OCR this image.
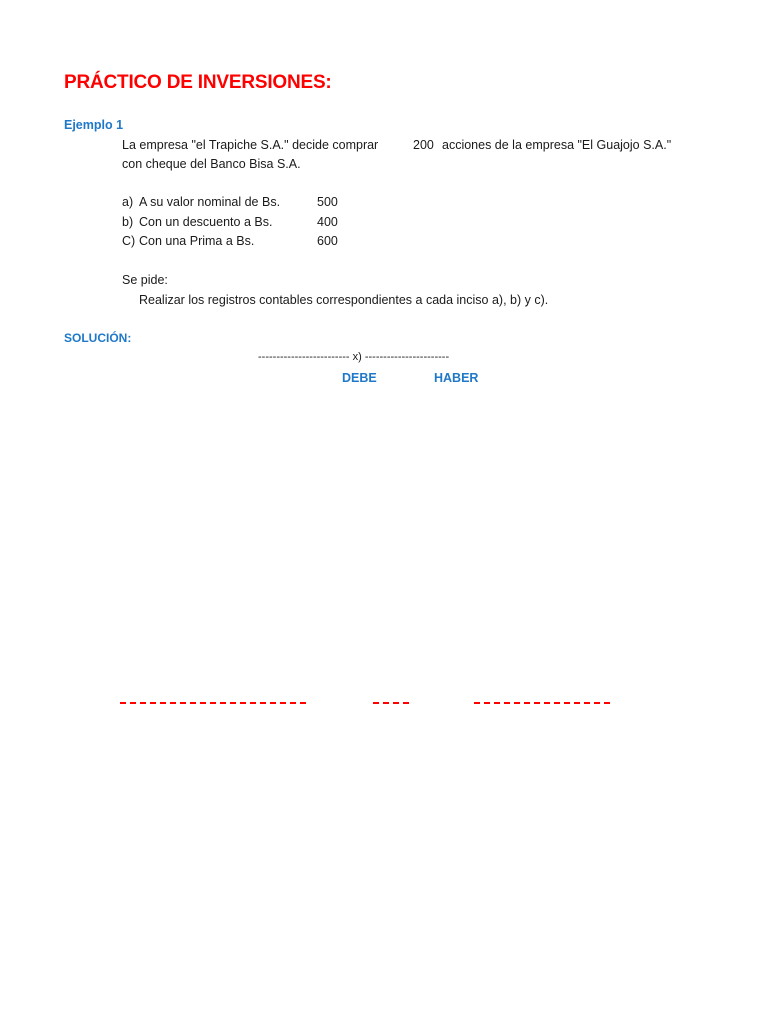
PRÁCTICO DE INVERSIONES:
Ejemplo 1
La empresa "el Trapiche S.A." decide comprar	200 acciones de la empresa "El Guajojo S.A."
con cheque del Banco Bisa S.A.
a) A su valor nominal de Bs.	500
b) Con un descuento a Bs.	400
C) Con una Prima a Bs.	600
Se pide:
Realizar los registros contables correspondientes a cada inciso a), b) y c).
SOLUCIÓN:
------------------------- x) -----------------------
DEBE	HABER
